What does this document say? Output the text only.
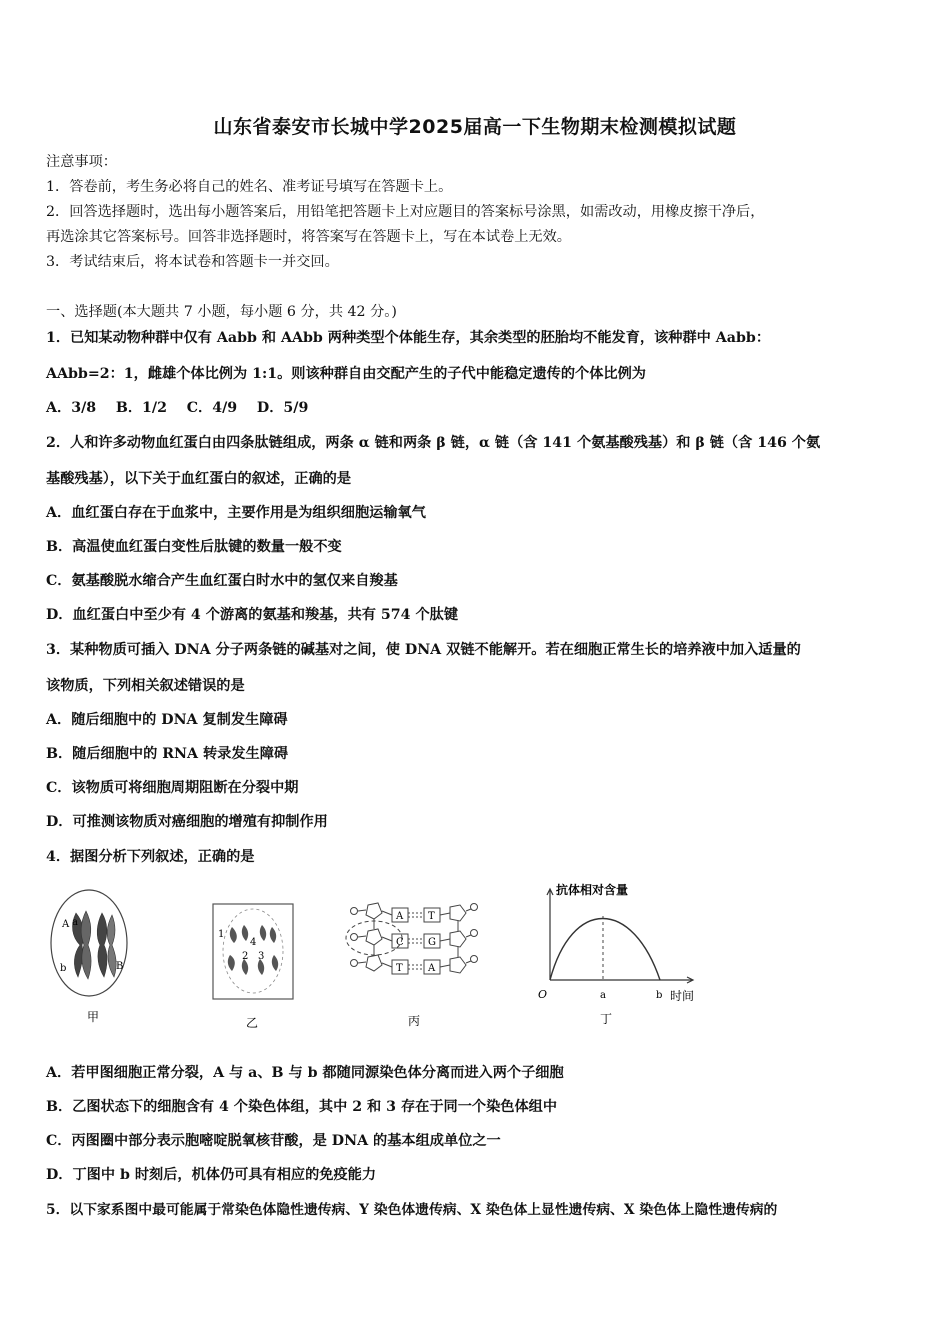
山东省泰安市长城中学2025届高一下生物期末检测模拟试题
注意事项：
1．答卷前，考生务必将自己的姓名、准考证号填写在答题卡上。
2．回答选择题时，选出每小题答案后，用铅笔把答题卡上对应题目的答案标号涂黑，如需改动，用橡皮擦干净后，
再选涂其它答案标号。回答非选择题时，将答案写在答题卡上，写在本试卷上无效。
3．考试结束后，将本试卷和答题卡一并交回。
一、选择题(本大题共 7 小题，每小题 6 分，共 42 分。)
1．已知某动物种群中仅有 Aabb 和 AAbb 两种类型个体能生存，其余类型的胚胎均不能发育，该种群中 Aabb：
AAbb=2：1，雌雄个体比例为 1:1。则该种群自由交配产生的子代中能稳定遗传的个体比例为
A．3/8    B．1/2    C．4/9    D．5/9
2．人和许多动物血红蛋白由四条肽链组成，两条 α 链和两条 β 链，α 链（含 141 个氨基酸残基）和 β 链（含 146 个氨
基酸残基），以下关于血红蛋白的叙述，正确的是
A．血红蛋白存在于血浆中，主要作用是为组织细胞运输氧气
B．高温使血红蛋白变性后肽键的数量一般不变
C．氨基酸脱水缩合产生血红蛋白时水中的氢仅来自羧基
D．血红蛋白中至少有 4 个游离的氨基和羧基，共有 574 个肽键
3．某种物质可插入 DNA 分子两条链的碱基对之间，使 DNA 双链不能解开。若在细胞正常生长的培养液中加入适量的
该物质，下列相关叙述错误的是
A．随后细胞中的 DNA 复制发生障碍
B．随后细胞中的 RNA 转录发生障碍
C．该物质可将细胞周期阻断在分裂中期
D．可推测该物质对癌细胞的增殖有抑制作用
4．据图分析下列叙述，正确的是
A a
b	B
甲
1
4
2 3
乙
A
C
T
T
G
A
丙
抗体相对含量
O	a	b 时间
丁
A．若甲图细胞正常分裂，A 与 a、B 与 b 都随同源染色体分离而进入两个子细胞
B．乙图状态下的细胞含有 4 个染色体组，其中 2 和 3 存在于同一个染色体组中
C．丙图圈中部分表示胞嘧啶脱氧核苷酸，是 DNA 的基本组成单位之一
D．丁图中 b 时刻后，机体仍可具有相应的免疫能力
5．以下家系图中最可能属于常染色体隐性遗传病、Y 染色体遗传病、X 染色体上显性遗传病、X 染色体上隐性遗传病的
